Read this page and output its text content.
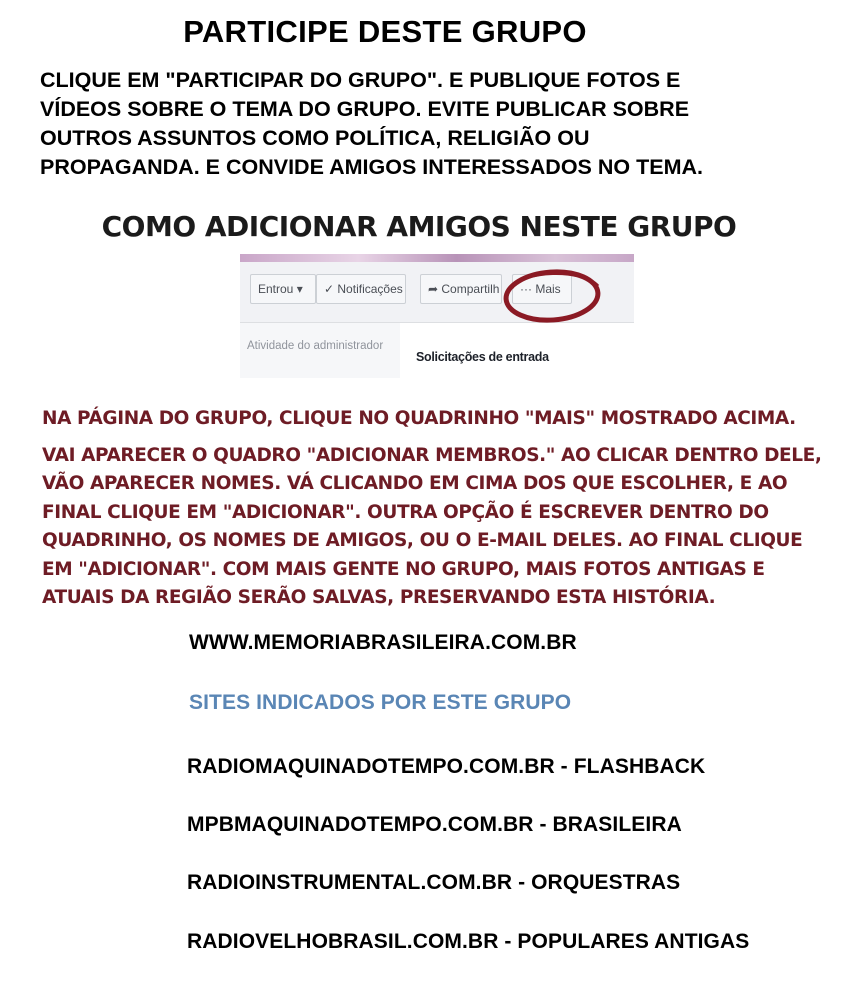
PARTICIPE DESTE GRUPO
CLIQUE EM "PARTICIPAR DO GRUPO". E PUBLIQUE FOTOS E
VÍDEOS SOBRE O TEMA DO GRUPO. EVITE PUBLICAR SOBRE
OUTROS ASSUNTOS COMO POLÍTICA, RELIGIÃO OU
PROPAGANDA. E CONVIDE AMIGOS INTERESSADOS NO TEMA.
COMO ADICIONAR AMIGOS NESTE GRUPO
Entrou ▾	✓ Notificações	➦ Compartilh	··· Mais
Atividade do administrador
Solicitações de entrada
NA PÁGINA DO GRUPO, CLIQUE NO QUADRINHO "MAIS" MOSTRADO ACIMA.
VAI APARECER O QUADRO "ADICIONAR MEMBROS." AO CLICAR DENTRO DELE,
VÃO APARECER NOMES. VÁ CLICANDO EM CIMA DOS QUE ESCOLHER, E AO
FINAL CLIQUE EM "ADICIONAR". OUTRA OPÇÃO É ESCREVER DENTRO DO
QUADRINHO, OS NOMES DE AMIGOS, OU O E-MAIL DELES. AO FINAL CLIQUE
EM "ADICIONAR". COM MAIS GENTE NO GRUPO, MAIS FOTOS ANTIGAS E
ATUAIS DA REGIÃO SERÃO SALVAS, PRESERVANDO ESTA HISTÓRIA.
WWW.MEMORIABRASILEIRA.COM.BR
SITES INDICADOS POR ESTE GRUPO
RADIOMAQUINADOTEMPO.COM.BR - FLASHBACK
MPBMAQUINADOTEMPO.COM.BR - BRASILEIRA
RADIOINSTRUMENTAL.COM.BR - ORQUESTRAS
RADIOVELHOBRASIL.COM.BR - POPULARES ANTIGAS
